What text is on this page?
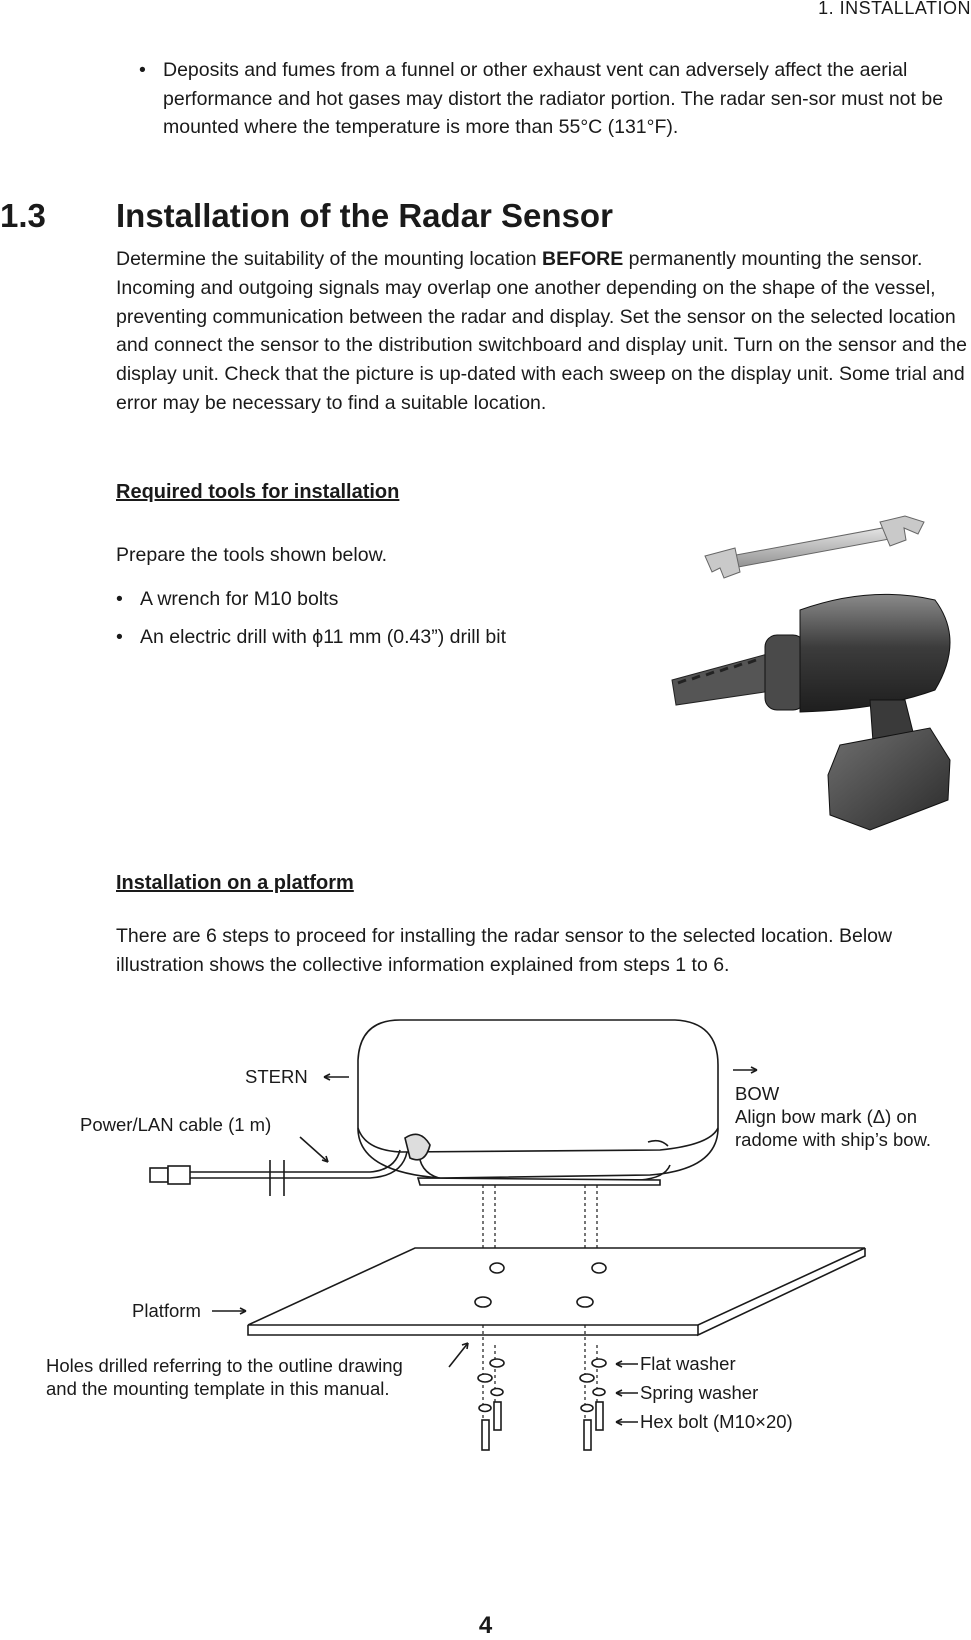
1. INSTALLATION
• Deposits and fumes from a funnel or other exhaust vent can adversely affect the aerial performance and hot gases may distort the radiator portion. The radar sen-sor must not be mounted where the temperature is more than 55°C (131°F).
1.3 Installation of the Radar Sensor
Determine the suitability of the mounting location BEFORE permanently mounting the sensor. Incoming and outgoing signals may overlap one another depending on the shape of the vessel, preventing communication between the radar and display. Set the sensor on the selected location and connect the sensor to the distribution switchboard and display unit. Turn on the sensor and the display unit. Check that the picture is up-dated with each sweep on the display unit. Some trial and error may be necessary to find a suitable location.
Required tools for installation
Prepare the tools shown below.
• A wrench for M10 bolts
• An electric drill with ϕ11 mm (0.43”) drill bit
Installation on a platform
There are 6 steps to proceed for installing the radar sensor to the selected location. Below illustration shows the collective information explained from steps 1 to 6.
STERN
BOW
Align bow mark (Δ) on
radome with ship’s bow.
Power/LAN cable (1 m)
Platform
Holes drilled referring to the outline drawing
and the mounting template in this manual.
Flat washer
Spring washer
Hex bolt (M10×20)
4
